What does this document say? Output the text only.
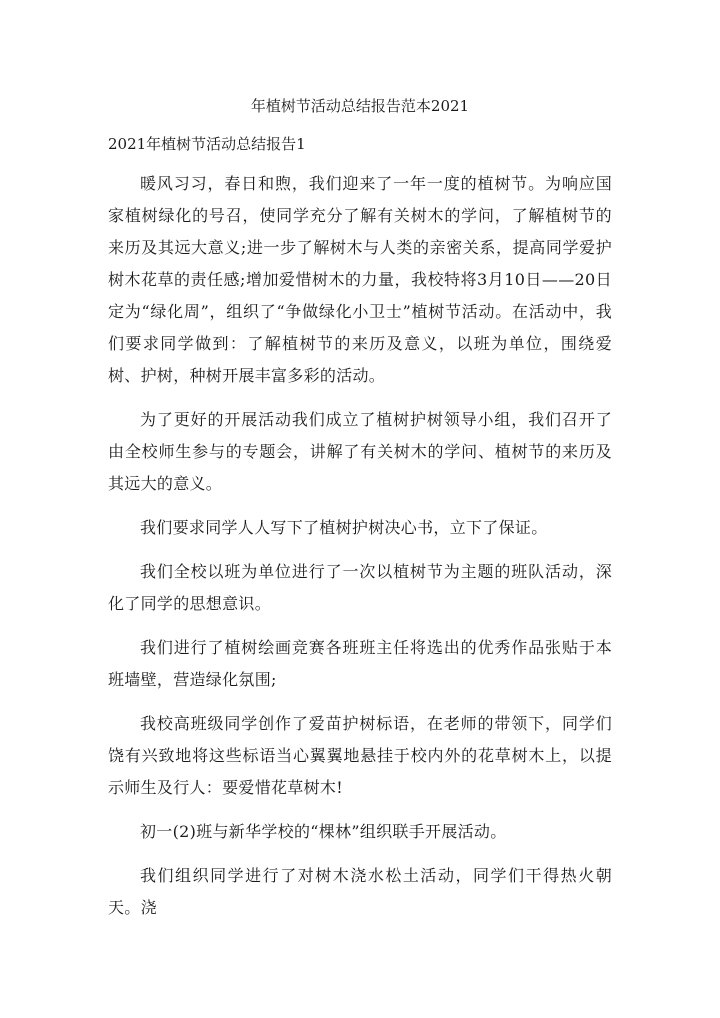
年植树节活动总结报告范本2021
2021年植树节活动总结报告1

暖风习习，春日和煦，我们迎来了一年一度的植树节。为响应国家植树绿化的号召，使同学充分了解有关树木的学问，了解植树节的来历及其远大意义;进一步了解树木与人类的亲密关系，提高同学爱护树木花草的责任感;增加爱惜树木的力量，我校特将3月10日——20日定为“绿化周”，组织了“争做绿化小卫士”植树节活动。在活动中，我们要求同学做到：了解植树节的来历及意义，以班为单位，围绕爱树、护树，种树开展丰富多彩的活动。

为了更好的开展活动我们成立了植树护树领导小组，我们召开了由全校师生参与的专题会，讲解了有关树木的学问、植树节的来历及其远大的意义。

我们要求同学人人写下了植树护树决心书，立下了保证。

我们全校以班为单位进行了一次以植树节为主题的班队活动，深化了同学的思想意识。

我们进行了植树绘画竞赛各班班主任将选出的优秀作品张贴于本班墙壁，营造绿化氛围;

我校高班级同学创作了爱苗护树标语，在老师的带领下，同学们饶有兴致地将这些标语当心翼翼地悬挂于校内外的花草树木上，以提示师生及行人：要爱惜花草树木!

初一(2)班与新华学校的“棵林”组织联手开展活动。

我们组织同学进行了对树木浇水松土活动，同学们干得热火朝天。浇
